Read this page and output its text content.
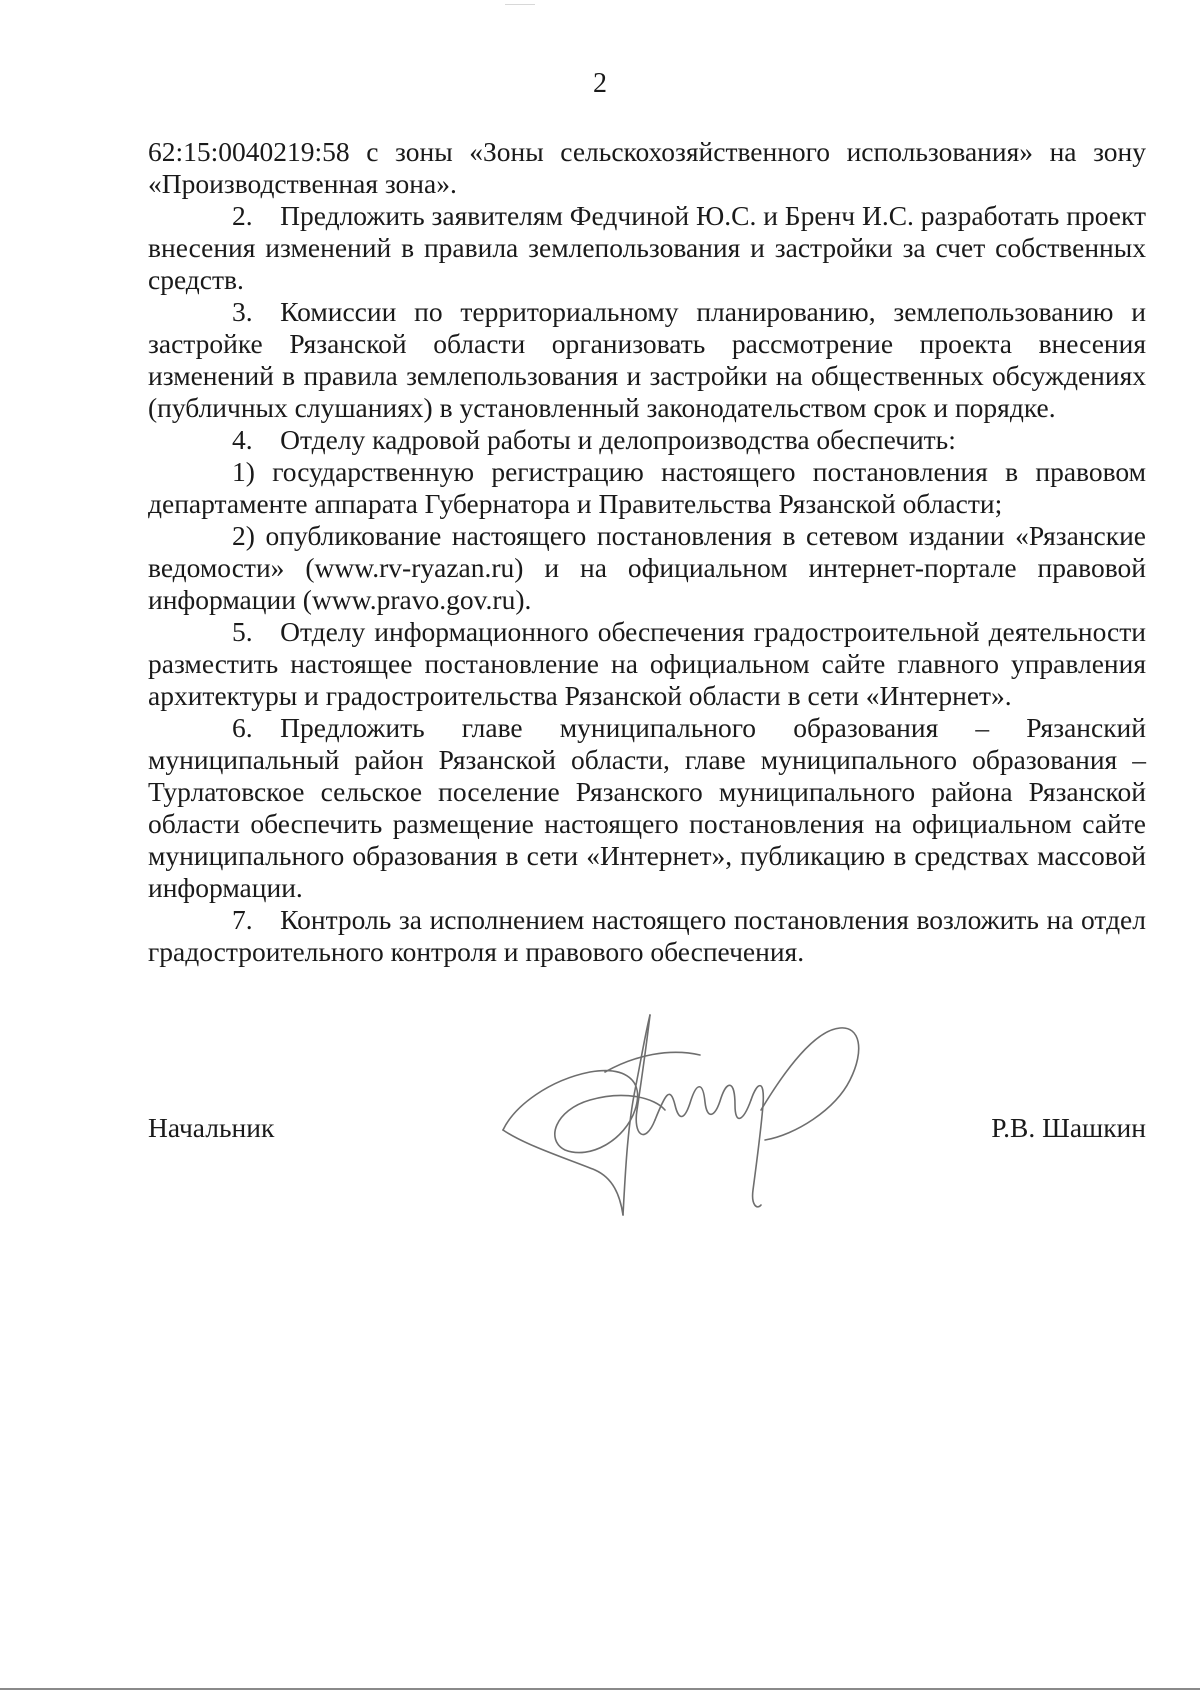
2

62:15:0040219:58 с зоны «Зоны сельскохозяйственного использования» на зону «Производственная зона».

2. Предложить заявителям Федчиной Ю.С. и Бренч И.С. разработать проект внесения изменений в правила землепользования и застройки за счет собственных средств.

3. Комиссии по территориальному планированию, землепользованию и застройке Рязанской области организовать рассмотрение проекта внесения изменений в правила землепользования и застройки на общественных обсуждениях (публичных слушаниях) в установленный законодательством срок и порядке.

4. Отделу кадровой работы и делопроизводства обеспечить:

1) государственную регистрацию настоящего постановления в правовом департаменте аппарата Губернатора и Правительства Рязанской области;

2) опубликование настоящего постановления в сетевом издании «Рязанские ведомости» (www.rv-ryazan.ru) и на официальном интернет-портале правовой информации (www.pravo.gov.ru).

5. Отделу информационного обеспечения градостроительной деятельности разместить настоящее постановление на официальном сайте главного управления архитектуры и градостроительства Рязанской области в сети «Интернет».

6. Предложить главе муниципального образования – Рязанский муниципальный район Рязанской области, главе муниципального образования – Турлатовское сельское поселение Рязанского муниципального района Рязанской области обеспечить размещение настоящего постановления на официальном сайте муниципального образования в сети «Интернет», публикацию в средствах массовой информации.

7. Контроль за исполнением настоящего постановления возложить на отдел градостроительного контроля и правового обеспечения.

Начальник	Р.В. Шашкин
